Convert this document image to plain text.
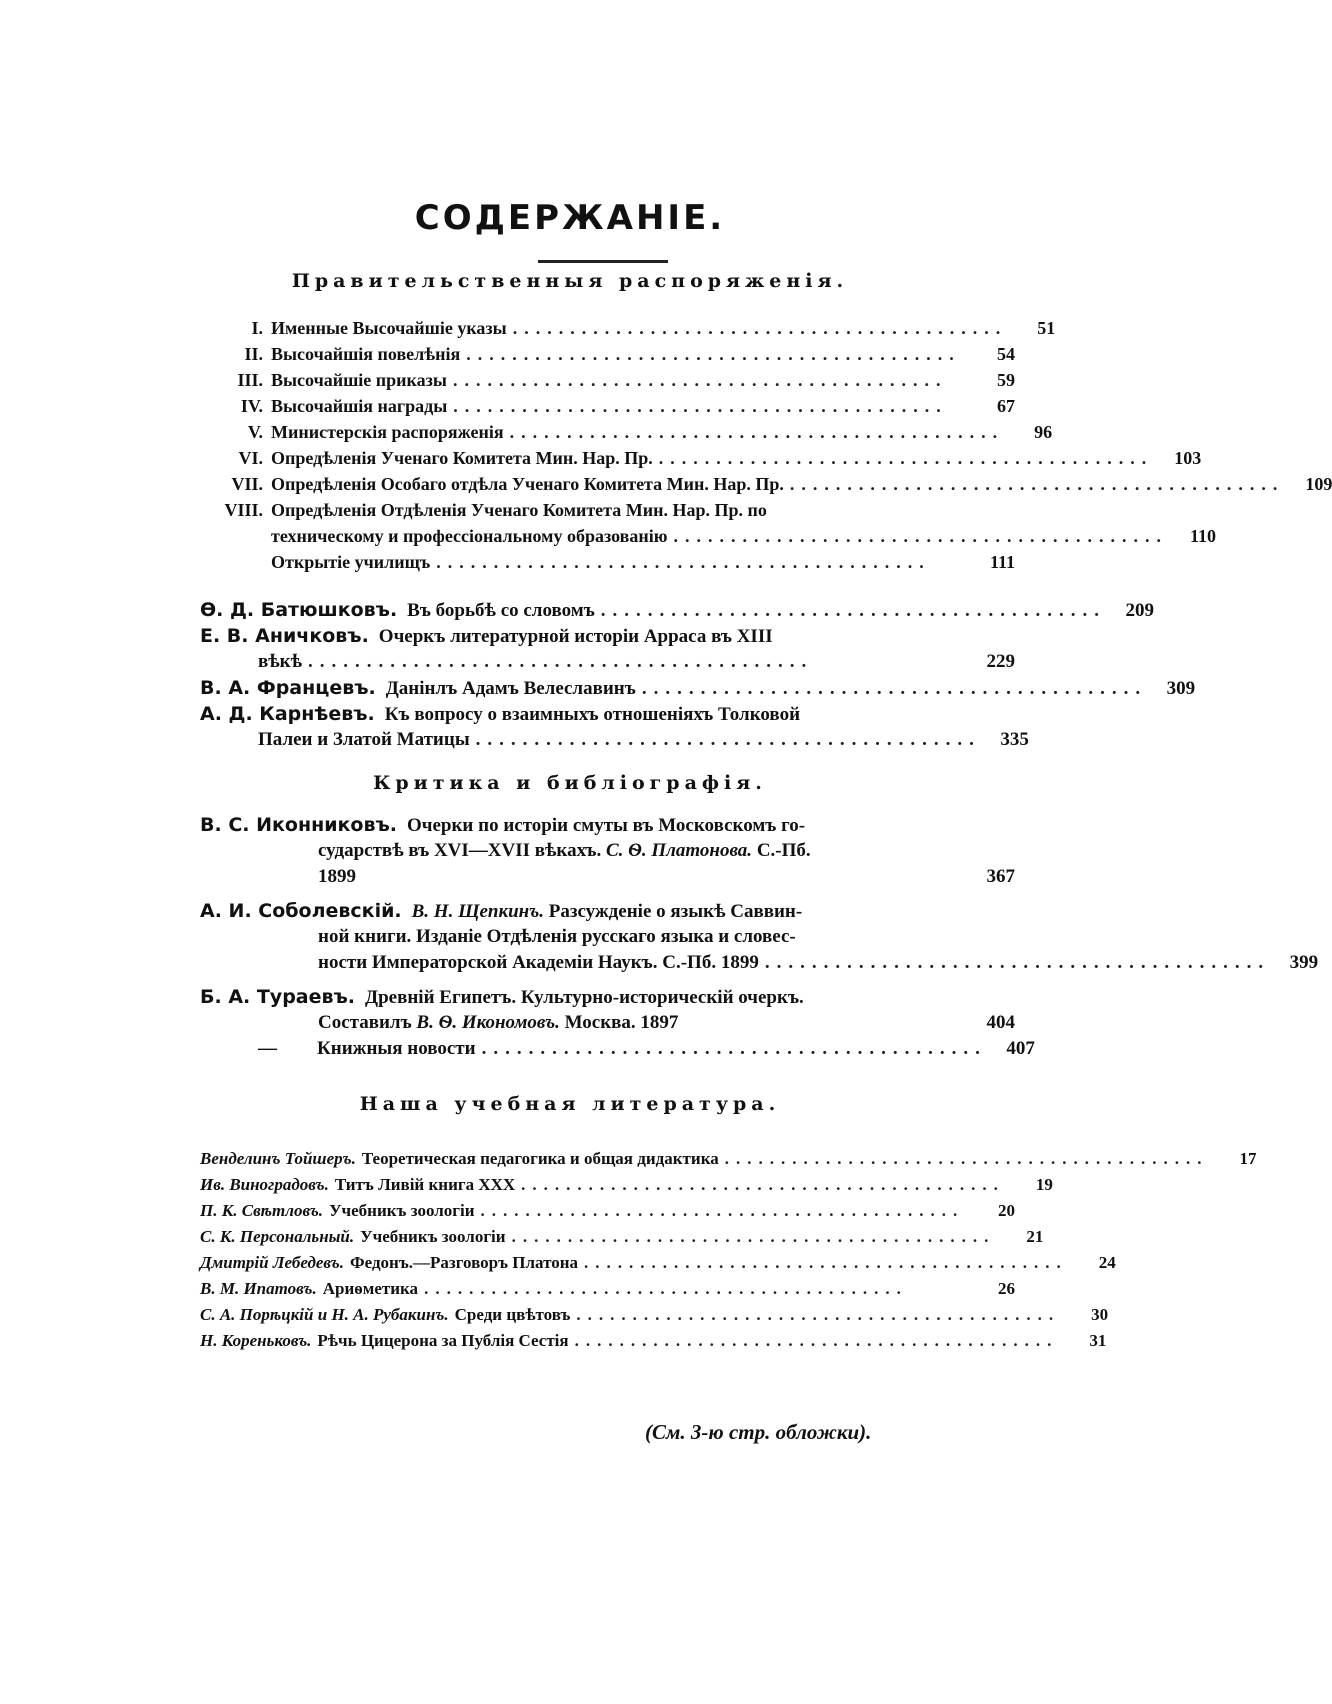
СОДЕРЖАНІЕ.
Правительственныя распоряженія.
I. Именные Высочайшіе указы ...........................................	51
II. Высочайшія повелѣнія ...........................................	54
III. Высочайшіе приказы ...........................................	59
IV. Высочайшія награды ...........................................	67
V. Министерскія распоряженія ...........................................	96
VI. Опредѣленія Ученаго Комитета Мин. Нар. Пр. ...........................................	103
VII. Опредѣленія Особаго отдѣла Ученаго Комитета Мин. Нар. Пр. ...........................................	109
VIII. Опредѣленія Отдѣленія Ученаго Комитета Мин. Нар. Пр. по
техническому и профессіональному образованію ...........................................	110
Открытіе училищъ ...........................................	111
Ѳ. Д. Батюшковъ. Въ борьбѣ со словомъ ...........................................	209
Е. В. Аничковъ. Очеркъ литературной исторіи Арраса въ XIII
вѣкѣ ...........................................	229
В. А. Францевъ. Данінлъ Адамъ Велеславинъ ...........................................	309
А. Д. Карнѣевъ. Къ вопросу о взаимныхъ отношеніяхъ Толковой
Палеи и Златой Матицы ...........................................	335
Критика и библіографія.
В. С. Иконниковъ. Очерки по исторіи смуты въ Московскомъ го-
сударствѣ въ XVI—XVII вѣкахъ. С. Ѳ. Платонова. С.-Пб.
1899	367
А. И. Соболевскій. В. Н. Щепкинъ. Разсужденіе о языкѣ Саввин-
ной книги. Изданіе Отдѣленія русскаго языка и словес-
ности Императорской Академіи Наукъ. С.-Пб. 1899 ...........................................	399
Б. А. Тураевъ. Древній Египетъ. Культурно-историческій очеркъ.
Составилъ В. Ѳ. Икономовъ. Москва. 1897	404
— Книжныя новости ...........................................	407
Наша учебная литература.
Венделинъ Тойшеръ. Теоретическая педагогика и общая дидактика ...........................................	17
Ив. Виноградовъ. Титъ Ливій книга XXX ...........................................	19
П. К. Свѣтловъ. Учебникъ зоологіи ...........................................	20
С. К. Персональный. Учебникъ зоологіи ...........................................	21
Дмитрій Лебедевъ. Федонъ.—Разговоръ Платона ...........................................	24
В. М. Ипатовъ. Ариѳметика ...........................................	26
С. А. Порѣцкій и Н. А. Рубакинъ. Среди цвѣтовъ ...........................................	30
Н. Кореньковъ. Рѣчь Цицерона за Публія Сестія ...........................................	31
(См. 3-ю стр. обложки).
